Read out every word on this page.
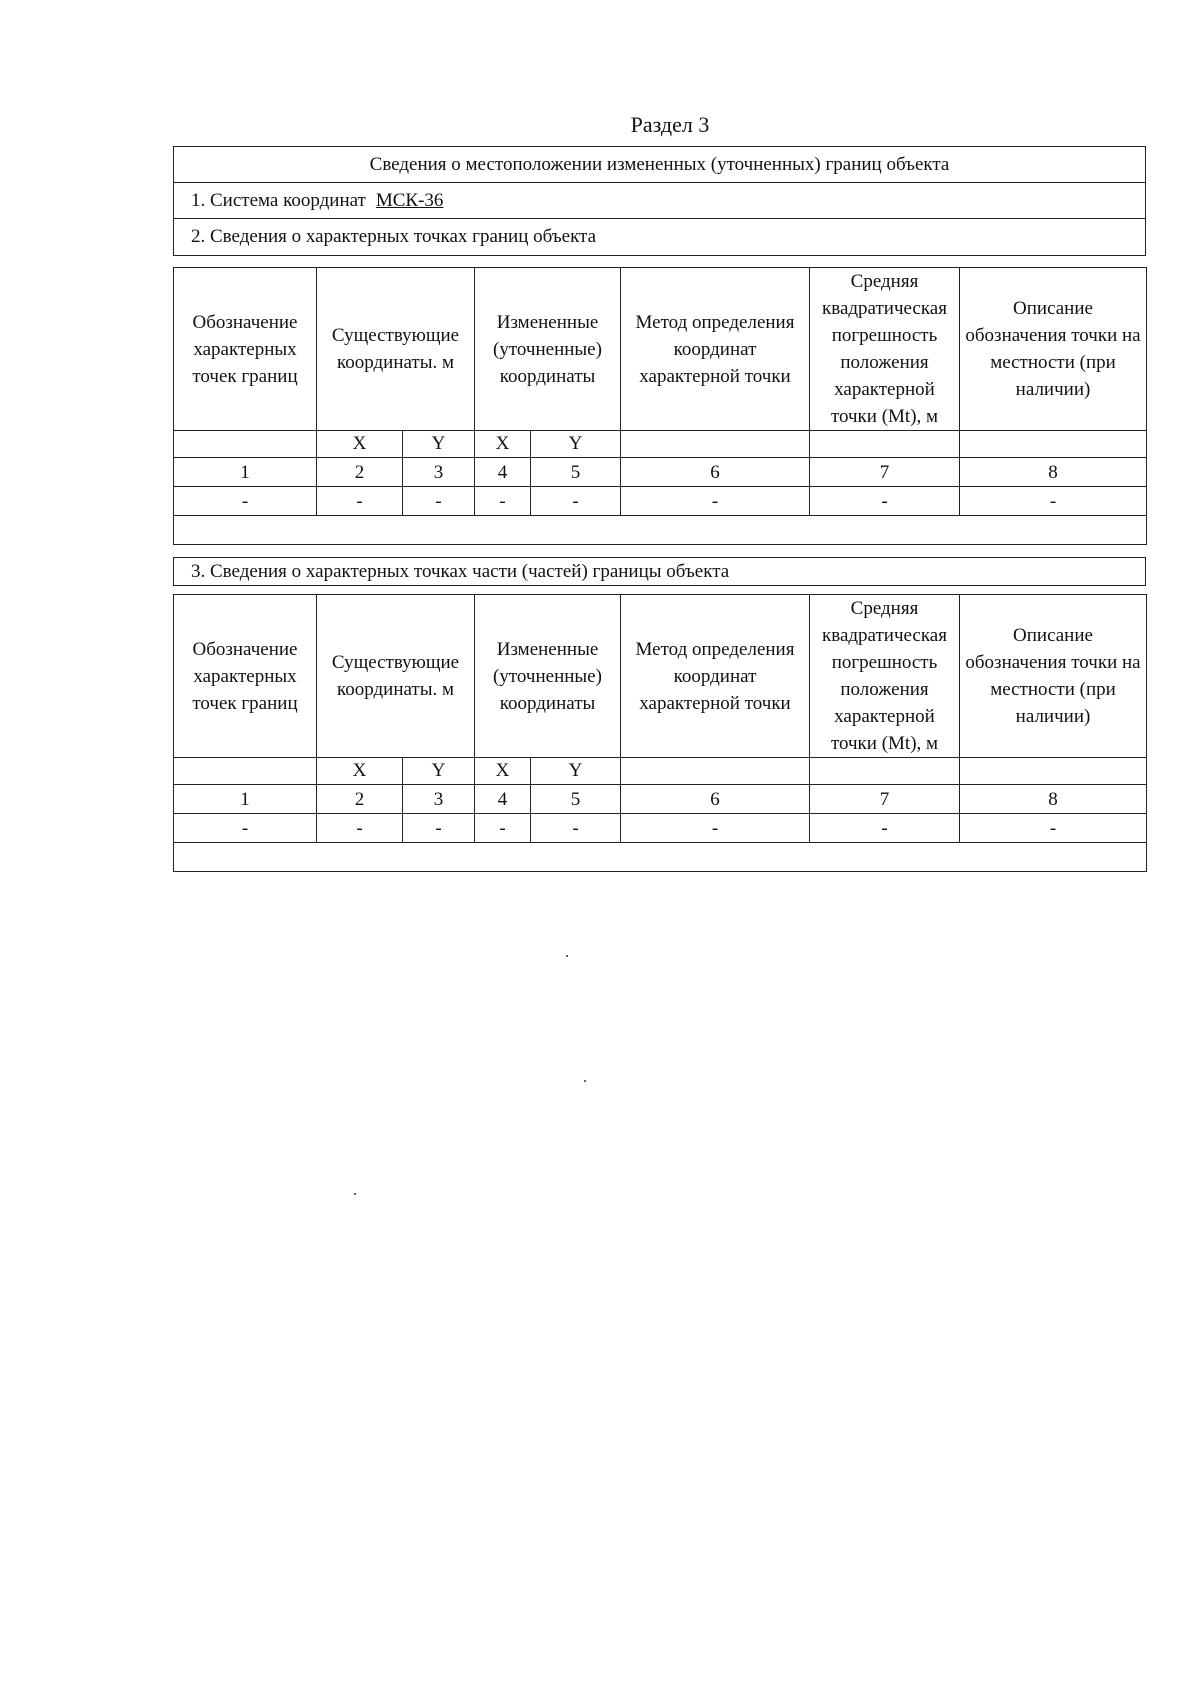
Раздел 3
Сведения о местоположении измененных (уточненных) границ объекта
1. Система координат МСК-36
2. Сведения о характерных точках границ объекта
Обозначение характерных точек границ	Существующие координаты. м		Измененные (уточненные) координаты		Метод определения координат характерной точки	Средняя квадратическая погрешность положения характерной точки (Mt), м	Описание обозначения точки на местности (при наличии)
	X	Y	X	Y			
1	2	3	4	5	6	7	8
-	-	-	-	-	-	-	-

3. Сведения о характерных точках части (частей) границы объекта
Обозначение характерных точек границ	Существующие координаты. м		Измененные (уточненные) координаты		Метод определения координат характерной точки	Средняя квадратическая погрешность положения характерной точки (Mt), м	Описание обозначения точки на местности (при наличии)
	X	Y	X	Y			
1	2	3	4	5	6	7	8
-	-	-	-	-	-	-	-
